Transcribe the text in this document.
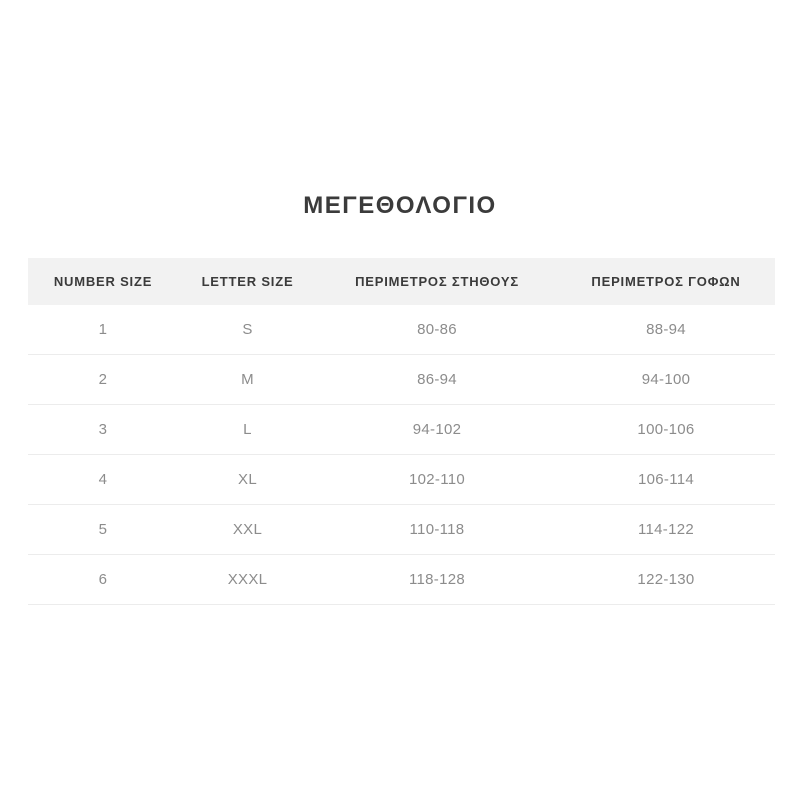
ΜΕΓΕΘΟΛΟΓΙΟ
NUMBER SIZE	LETTER SIZE	ΠΕΡΙΜΕΤΡΟΣ ΣΤΗΘΟΥΣ	ΠΕΡΙΜΕΤΡΟΣ ΓΟΦΩΝ
1	S	80-86	88-94
2	M	86-94	94-100
3	L	94-102	100-106
4	XL	102-110	106-114
5	XXL	110-118	114-122
6	XXXL	118-128	122-130
